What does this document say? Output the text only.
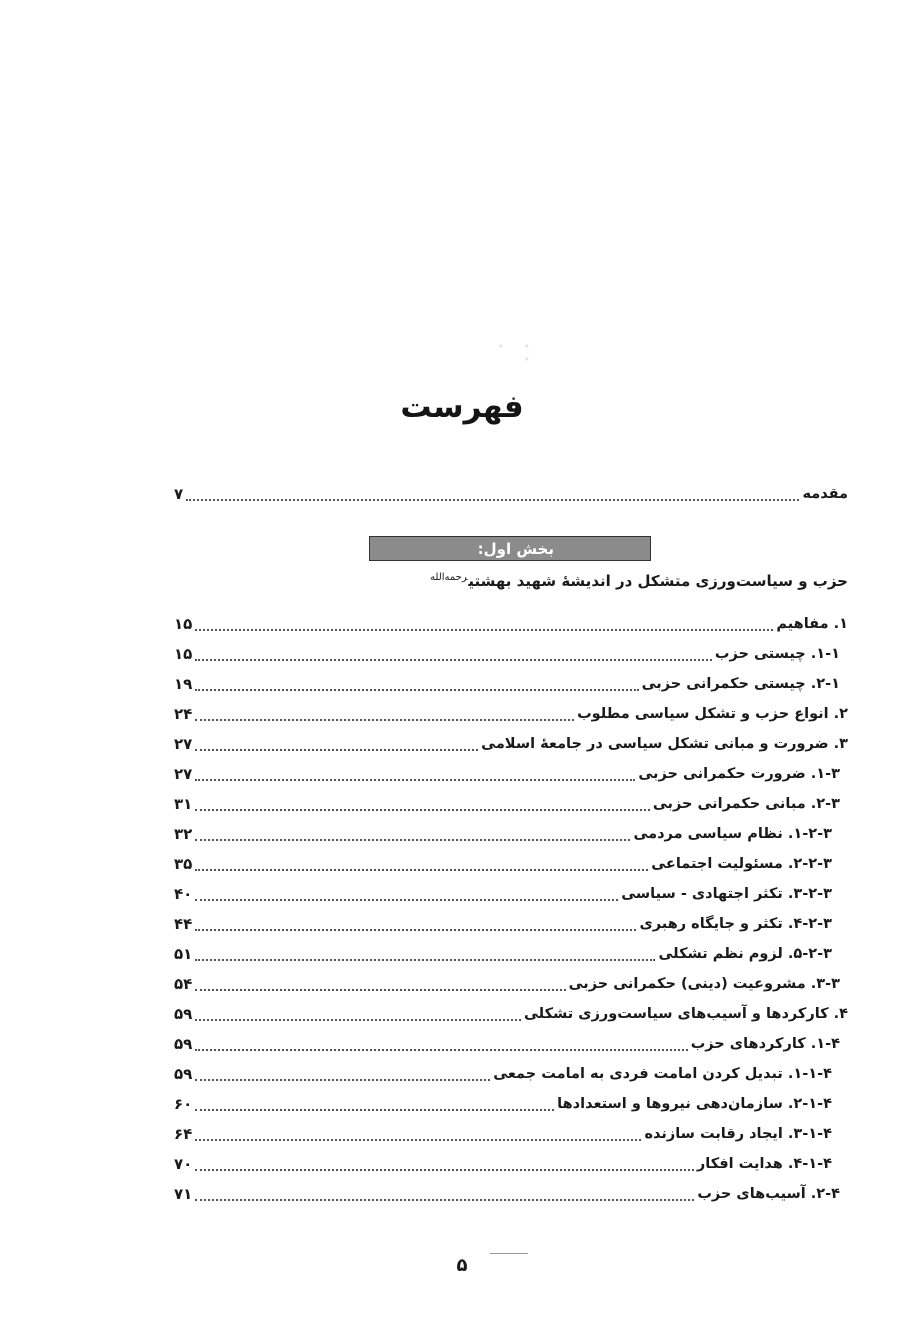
• • •
فهرست
مقدمه
۷
بخش اول:
حزب و سیاست‌ورزی متشکل در اندیشهٔ شهید بهشتی$^{رحمه‌الله}$
۱. مفاهیم
۱۵
۱-۱. چیستی حزب
۱۵
۲-۱. چیستی حکمرانی حزبی
۱۹
۲. انواع حزب و تشکل سیاسی مطلوب
۲۴
۳. ضرورت و مبانی تشکل سیاسی در جامعهٔ اسلامی
۲۷
۱-۳. ضرورت حکمرانی حزبی
۲۷
۲-۳. مبانی حکمرانی حزبی
۳۱
۱-۲-۳. نظام سیاسی مردمی
۳۲
۲-۲-۳. مسئولیت اجتماعی
۳۵
۳-۲-۳. تکثر اجتهادی - سیاسی
۴۰
۴-۲-۳. تکثر و جایگاه رهبری
۴۴
۵-۲-۳. لزوم نظم تشکلی
۵۱
۳-۳. مشروعیت (دینی) حکمرانی حزبی
۵۴
۴. کارکردها و آسیب‌های سیاست‌ورزی تشکلی
۵۹
۱-۴. کارکردهای حزب
۵۹
۱-۱-۴. تبدیل کردن امامت فردی به امامت جمعی
۵۹
۲-۱-۴. سازمان‌دهی نیروها و استعدادها
۶۰
۳-۱-۴. ایجاد رقابت سازنده
۶۴
۴-۱-۴. هدایت افکار
۷۰
۲-۴. آسیب‌های حزب
۷۱
۵
